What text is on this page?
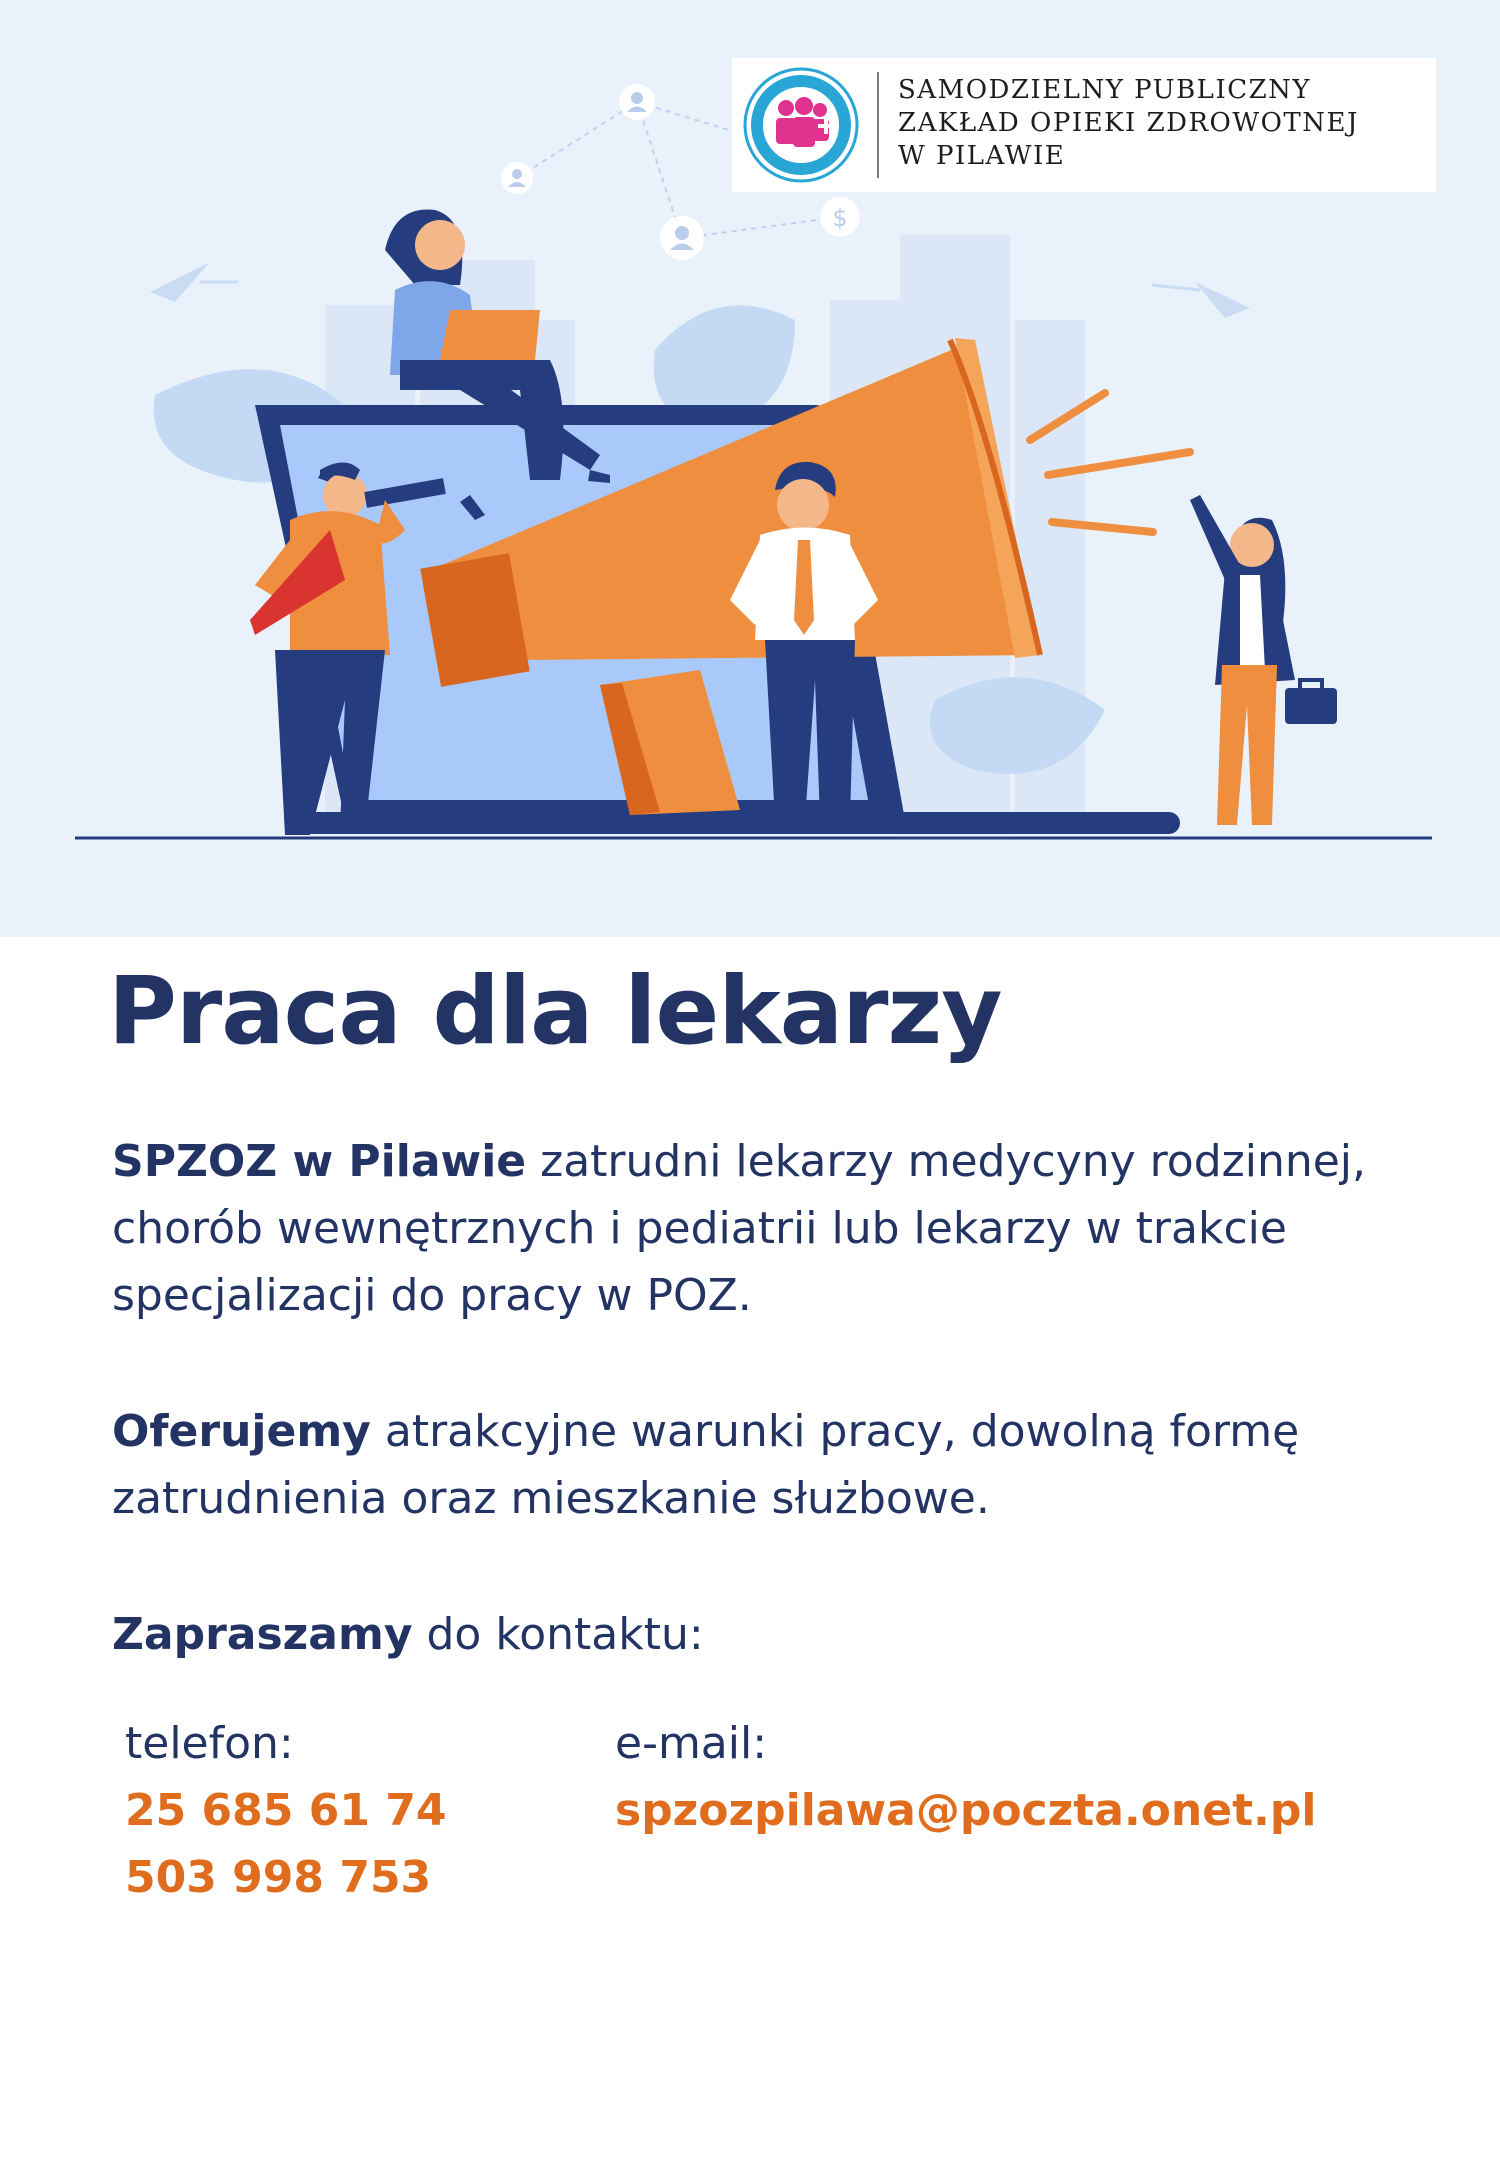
$
SAMODZIELNY PUBLICZNY
ZAKŁAD OPIEKI ZDROWOTNEJ
W PILAWIE
Praca dla lekarzy

SPZOZ w Pilawie zatrudni lekarzy medycyny rodzinnej, chorób wewnętrznych i pediatrii lub lekarzy w trakcie specjalizacji do pracy w POZ.

Oferujemy atrakcyjne warunki pracy, dowolną formę zatrudnienia oraz mieszkanie służbowe.

Zapraszamy do kontaktu:

telefon:
25 685 61 74
503 998 753
e-mail:
spzozpilawa@poczta.onet.pl
